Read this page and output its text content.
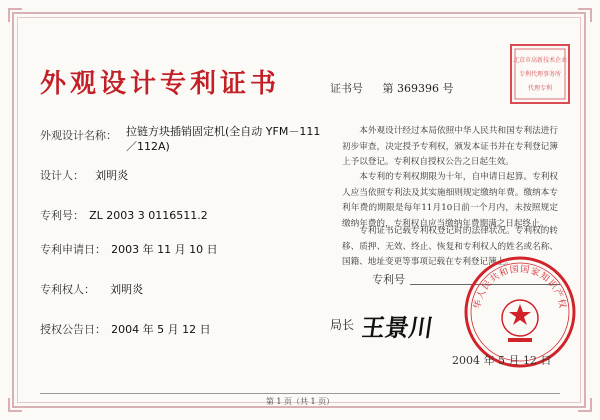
外观设计专利证书	证书号 第 369396 号
北京市高新技术企业
专利代理事务所
代理专利
外观设计名称： 拉链方块插销固定机(全自动 YFM－111／112A)
设计人： 刘明炎
专利号： ZL 2003 3 0116511.2
专利申请日： 2003 年 11 月 10 日
专利权人： 刘明炎
授权公告日： 2004 年 5 月 12 日

本外观设计经过本局依照中华人民共和国专利法进行初步审查，决定授予专利权，颁发本证书并在专利登记簿上予以登记。专利权自授权公告之日起生效。

本专利的专利权期限为十年，自申请日起算。专利权人应当依照专利法及其实施细则规定缴纳年费。缴纳本专利年费的期限是每年11月10日前一个月内，未按照规定缴纳年费的，专利权自应当缴纳年费期满之日起终止。

专利证书记载专利权登记时的法律状况。专利权的转移、质押、无效、终止、恢复和专利权人的姓名或名称、国籍、地址变更等事项记载在专利登记簿上。

专利号
局长 王景川
华人民共和国国家知识产权
2004 年 5 月 12 日
第 1 页（共 1 页）
